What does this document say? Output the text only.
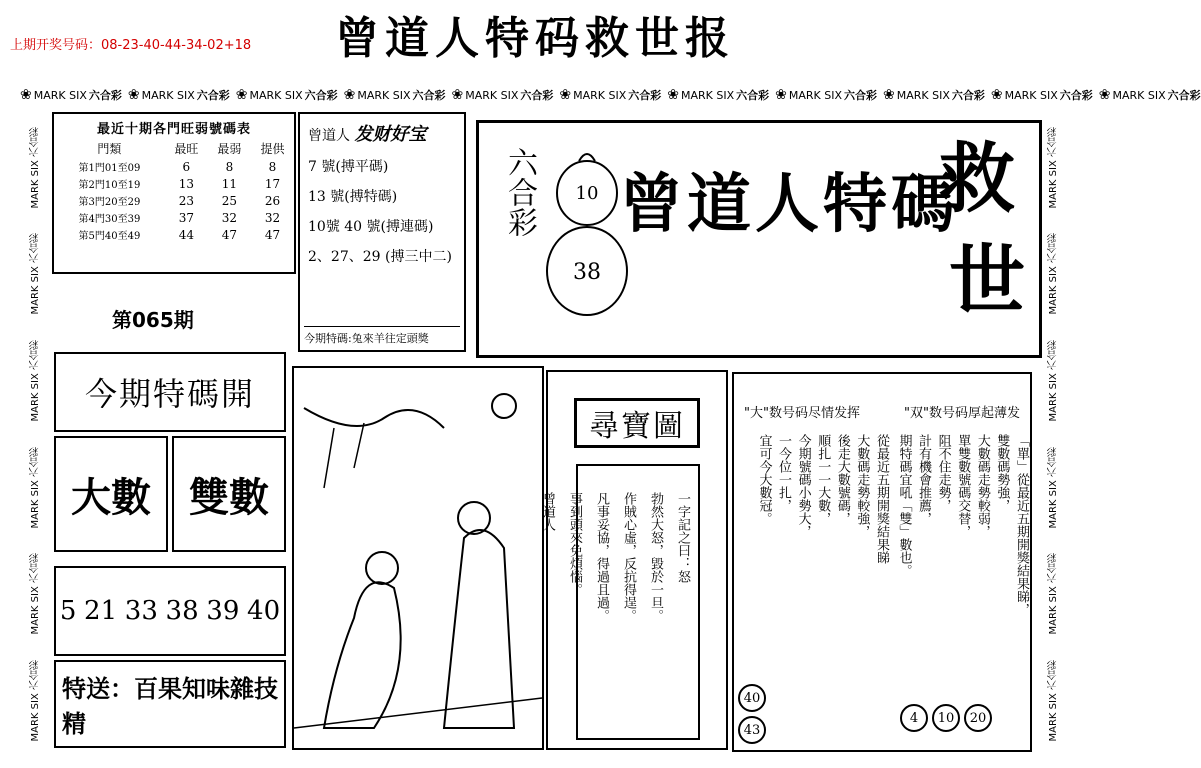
上期开奖号码：08-23-40-44-34-02+18 曾道人特码救世报
❀ MARK SIX 六合彩 ❀ MARK SIX 六合彩 ❀ MARK SIX 六合彩 ❀ MARK SIX 六合彩 ❀ MARK SIX 六合彩 ❀ MARK SIX 六合彩 ❀ MARK SIX 六合彩 ❀ MARK SIX 六合彩 ❀ MARK SIX 六合彩 ❀ MARK SIX 六合彩 ❀ MARK SIX 六合彩
MARK SIX 六合彩
MARK SIX 六合彩
MARK SIX 六合彩
MARK SIX 六合彩
MARK SIX 六合彩
MARK SIX 六合彩
MARK SIX 六合彩
MARK SIX 六合彩
MARK SIX 六合彩
MARK SIX 六合彩
MARK SIX 六合彩
MARK SIX 六合彩
最近十期各門旺弱號碼表
門類	最旺	最弱	提供
第1門01至09	6	8	8
第2門10至19	13	11	17
第3門20至29	23	25	26
第4門30至39	37	32	32
第5門40至49	44	47	47
第065期
曾道人 发财好宝

7 號(搏平碼)

13 號(搏特碼)

10號 40 號(搏連碼)

2、27、29 (搏三中二)

今期特碼:兔來羊往定頭獎
六合彩 10
38
曾道人特碼
救
世
今期特碼開
大數 雙數
5 21 33 38 39 40
特送：百果知味雜技精
尋寶圖
一字記之曰：怒
勃然大怒，毀於一旦。
作賊心虛，反抗得逞。
凡事妥協，得過且過。
事到頭來免煩惱。
曾道人
"大"数号码尽情发挥	"双"数号码厚起薄发
從最近五期開獎結果睇
大數碼走勢較強，
後走大數號碼，
順扎一一大數，
今期號碼小勢大，
一今位一扎，
宜可今大數冠。	「單」從最近五期開獎結果睇，
雙數碼勢強，
大數碼走勢較弱，
單雙數號碼交替，
阻不住走勢，
計有機會推薦，
期特碼宜吼「雙」數也。
40
43
4	10	20
